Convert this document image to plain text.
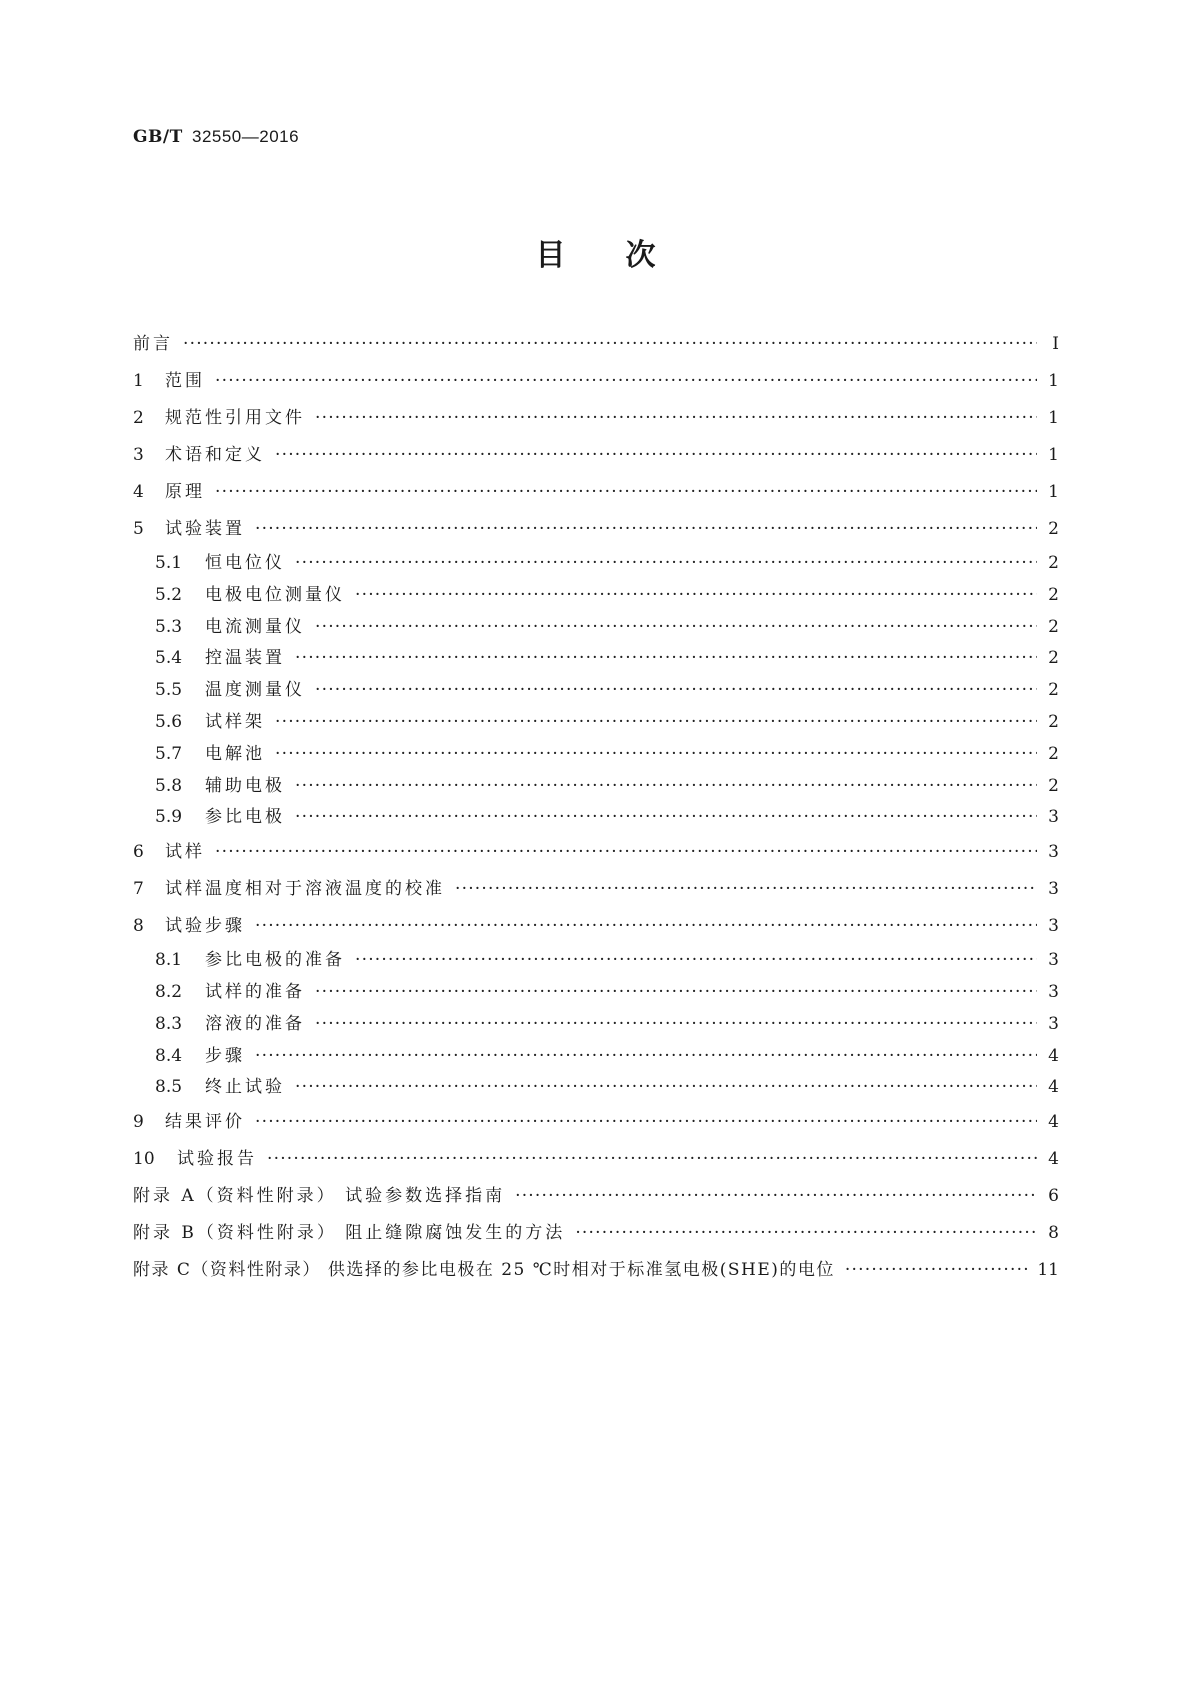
GB/T 32550—2016
目次
前言 ·····	Ⅰ
1	范围 ·····	1
2	规范性引用文件 ·····	1
3	术语和定义 ·····	1
4	原理 ·····	1
5	试验装置 ·····	2
5.1	恒电位仪 ·····	2
5.2	电极电位测量仪 ·····	2
5.3	电流测量仪 ·····	2
5.4	控温装置 ·····	2
5.5	温度测量仪 ·····	2
5.6	试样架 ·····	2
5.7	电解池 ·····	2
5.8	辅助电极 ·····	2
5.9	参比电极 ·····	3
6	试样 ·····	3
7	试样温度相对于溶液温度的校准 ·····	3
8	试验步骤 ·····	3
8.1	参比电极的准备 ·····	3
8.2	试样的准备 ·····	3
8.3	溶液的准备 ·····	3
8.4	步骤 ·····	4
8.5	终止试验 ·····	4
9	结果评价 ·····	4
10	试验报告 ·····	4
附录 A（资料性附录） 试验参数选择指南 ·····	6
附录 B（资料性附录） 阻止缝隙腐蚀发生的方法 ·····	8
附录 C（资料性附录） 供选择的参比电极在 25 ℃时相对于标准氢电极(SHE)的电位 ·····	11
